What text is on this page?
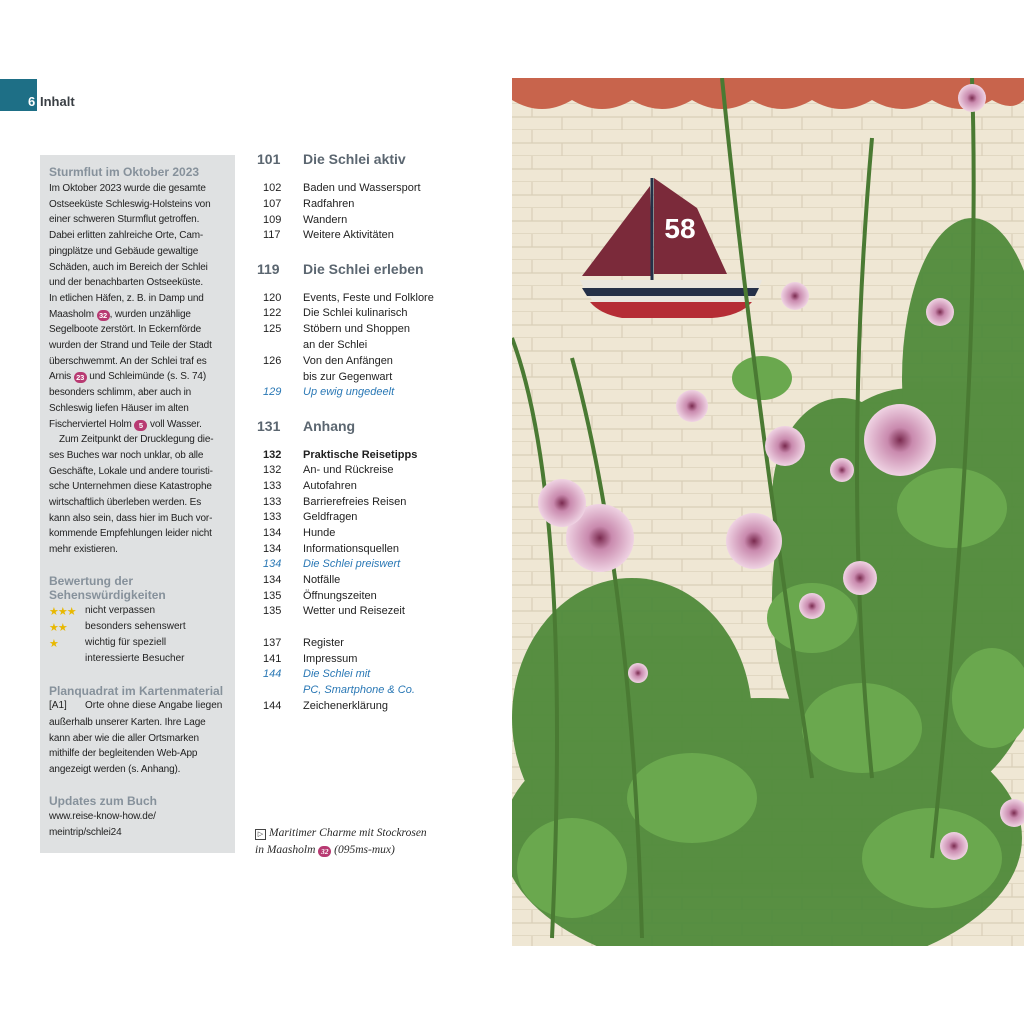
6 Inhalt
Sturmflut im Oktober 2023
Im Oktober 2023 wurde die gesamte
Ostseeküste Schleswig-Holsteins von
einer schweren Sturmflut getroffen.
Dabei erlitten zahlreiche Orte, Cam-
pingplätze und Gebäude gewaltige
Schäden, auch im Bereich der Schlei
und der benachbarten Ostseeküste.
In etlichen Häfen, z. B. in Damp und
Maasholm 32 , wurden unzählige
Segelboote zerstört. In Eckernförde
wurden der Strand und Teile der Stadt
überschwemmt. An der Schlei traf es
Arnis 23 und Schleimünde (s. S. 74)
besonders schlimm, aber auch in
Schleswig liefen Häuser im alten
Fischerviertel Holm 5 voll Wasser.
Zum Zeitpunkt der Drucklegung die-
ses Buches war noch unklar, ob alle
Geschäfte, Lokale und andere touristi-
sche Unternehmen diese Katastrophe
wirtschaftlich überleben werden. Es
kann also sein, dass hier im Buch vor-
kommende Empfehlungen leider nicht
mehr existieren.
Bewertung der
Sehenswürdigkeiten
★★★ nicht verpassen
★★ besonders sehenswert
★	wichtig für speziell
interessierte Besucher
Planquadrat im Kartenmaterial
[A1] Orte ohne diese Angabe liegen
außerhalb unserer Karten. Ihre Lage
kann aber wie die aller Ortsmarken
mithilfe der begleitenden Web-App
angezeigt werden (s. Anhang).
Updates zum Buch
www.reise-know-how.de/
meintrip/schlei24
101 Die Schlei aktiv
102 Baden und Wassersport
107 Radfahren
109 Wandern
117 Weitere Aktivitäten
119 Die Schlei erleben
120 Events, Feste und Folklore
122 Die Schlei kulinarisch
125 Stöbern und Shoppen
an der Schlei
126 Von den Anfängen
bis zur Gegenwart
129 Up ewig ungedeelt
131 Anhang
132 Praktische Reisetipps
132 An- und Rückreise
133 Autofahren
133 Barrierefreies Reisen
133 Geldfragen
134 Hunde
134 Informationsquellen
134 Die Schlei preiswert
134 Notfälle
135 Öffnungszeiten
135 Wetter und Reisezeit
137 Register
141 Impressum
144 Die Schlei mit
PC, Smartphone & Co.
144 Zeichenerklärung
▷ Maritimer Charme mit Stockrosen
in Maasholm 32 (095ms-mux)
58
